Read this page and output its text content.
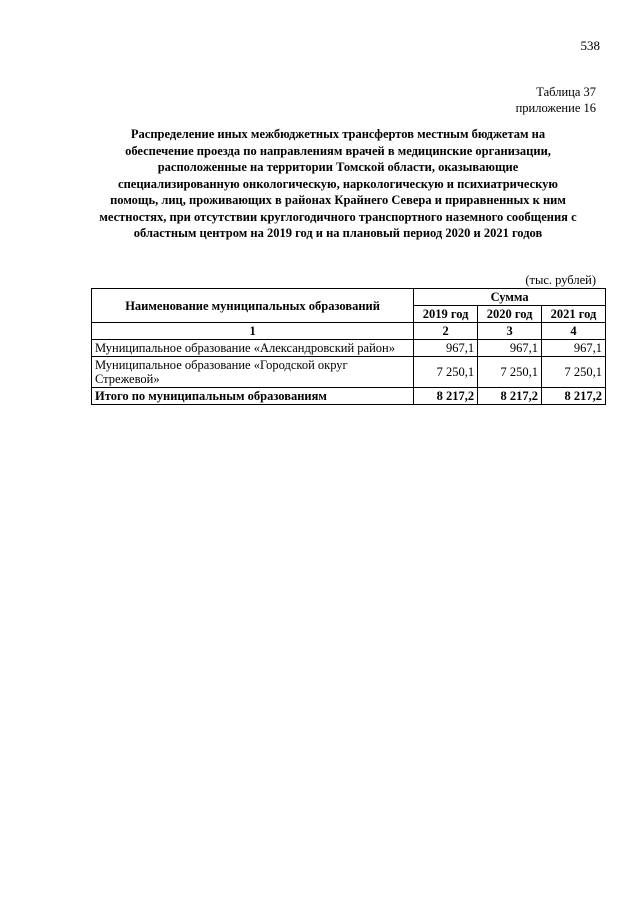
538
Таблица 37
приложение 16

Распределение иных межбюджетных трансфертов местным бюджетам на обеспечение проезда по направлениям врачей в медицинские организации, расположенные на территории Томской области, оказывающие специализированную онкологическую, наркологическую и психиатрическую помощь, лиц, проживающих в районах Крайнего Севера и приравненных к ним местностях, при отсутствии круглогодичного транспортного наземного сообщения с областным центром на 2019 год и на плановый период 2020 и 2021 годов

(тыс. рублей)
Наименование муниципальных образований	Сумма		
	2019 год	2020 год	2021 год
1	2	3	4
Муниципальное образование «Александровский район»	967,1	967,1	967,1
Муниципальное образование «Городской округ Стрежевой»	7 250,1	7 250,1	7 250,1
Итого по муниципальным образованиям	8 217,2	8 217,2	8 217,2
